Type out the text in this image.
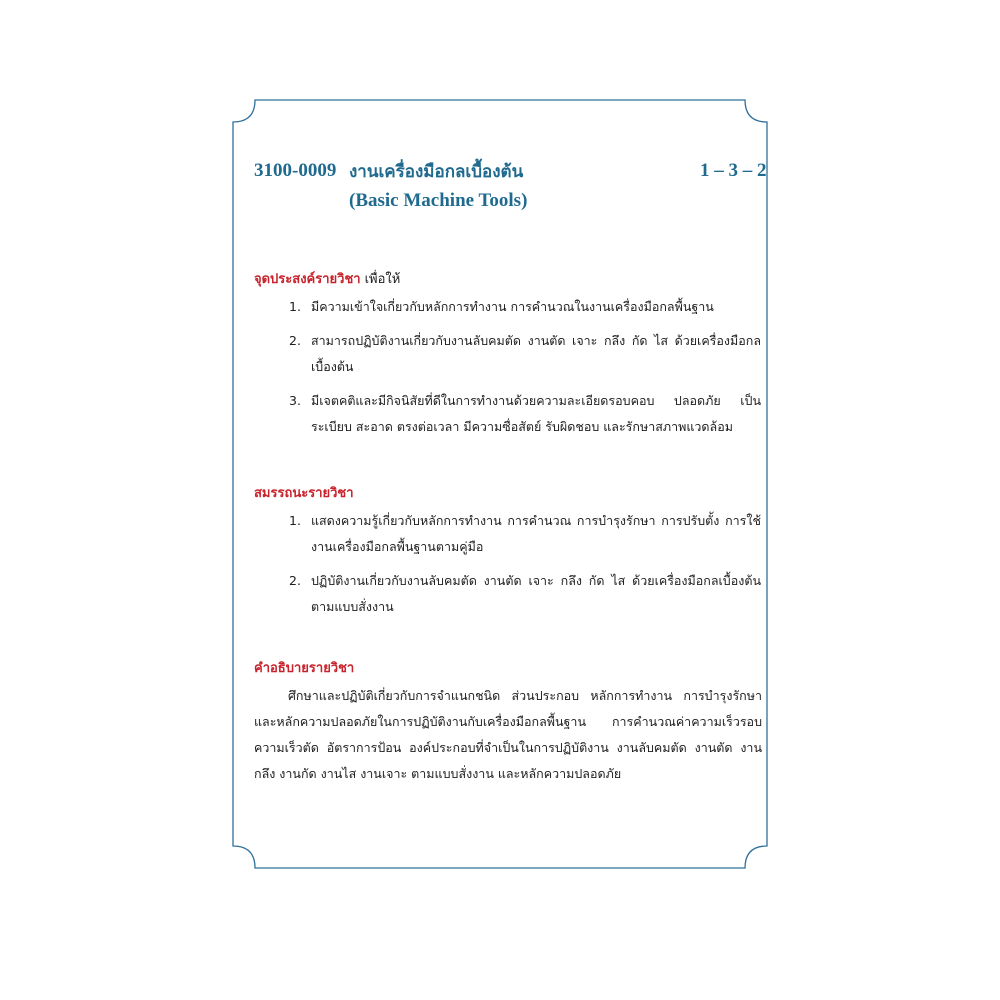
3100-0009 งานเครื่องมือกลเบื้องต้น	1 – 3 – 2
(Basic Machine Tools)
จุดประสงค์รายวิชา เพื่อให้
1. มีความเข้าใจเกี่ยวกับหลักการทำงาน การคำนวณในงานเครื่องมือกลพื้นฐาน
2. สามารถปฏิบัติงานเกี่ยวกับงานลับคมตัด งานตัด เจาะ กลึง กัด ไส ด้วยเครื่องมือกลเบื้องต้น
3. มีเจตคติและมีกิจนิสัยที่ดีในการทำงานด้วยความละเอียดรอบคอบ ปลอดภัย เป็นระเบียบ สะอาด ตรงต่อเวลา มีความซื่อสัตย์ รับผิดชอบ และรักษาสภาพแวดล้อม
สมรรถนะรายวิชา
1. แสดงความรู้เกี่ยวกับหลักการทำงาน การคำนวณ การบำรุงรักษา การปรับตั้ง การใช้งานเครื่องมือกลพื้นฐานตามคู่มือ
2. ปฏิบัติงานเกี่ยวกับงานลับคมตัด งานตัด เจาะ กลึง กัด ไส ด้วยเครื่องมือกลเบื้องต้นตามแบบสั่งงาน
คำอธิบายรายวิชา

ศึกษาและปฏิบัติเกี่ยวกับการจำแนกชนิด ส่วนประกอบ หลักการทำงาน การบำรุงรักษาและหลักความปลอดภัยในการปฏิบัติงานกับเครื่องมือกลพื้นฐาน การคำนวณค่าความเร็วรอบความเร็วตัด อัตราการป้อน องค์ประกอบที่จำเป็นในการปฏิบัติงาน งานลับคมตัด งานตัด งานกลึง งานกัด งานไส งานเจาะ ตามแบบสั่งงาน และหลักความปลอดภัย
